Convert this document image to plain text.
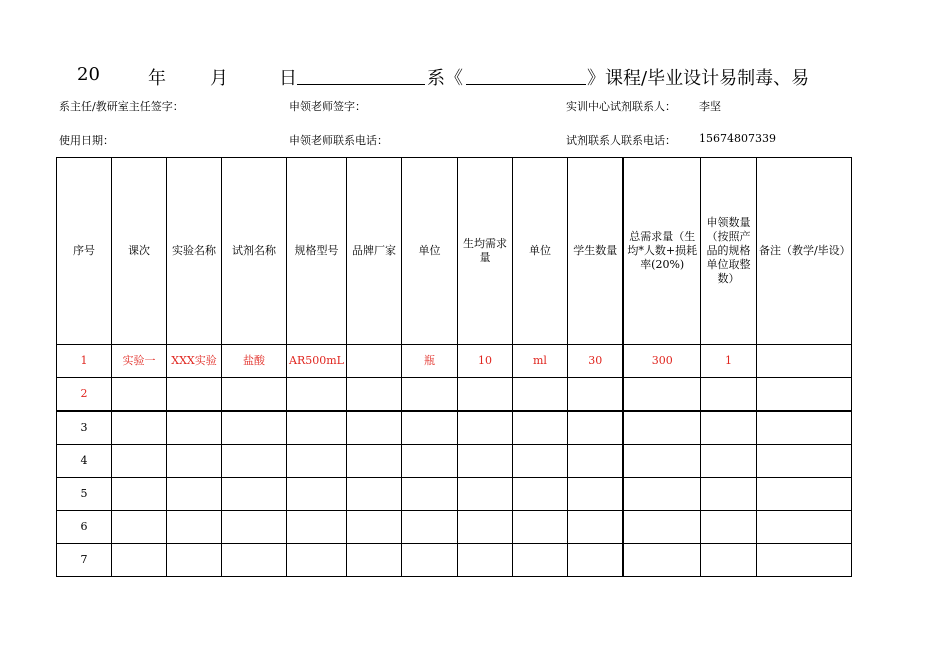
20	年 月	日	系《	》课程/毕业设计易制毒、易
系主任/教研室主任签字：	申领老师签字：	实训中心试剂联系人： 李坚
使用日期：	申领老师联系电话：	试剂联系人联系电话： 15674807339
序号	课次	实验名称	试剂名称	规格型号	品牌厂家	单位	生均需求量	单位	学生数量	总需求量（生均*人数+损耗率(20%)	申领数量（按照产品的规格单位取整数）	备注（教学/毕设）
1	实验一	XXX实验	盐酸	AR500mL		瓶	10	ml	30	300	1	
2												
3												
4												
5												
6												
7												
